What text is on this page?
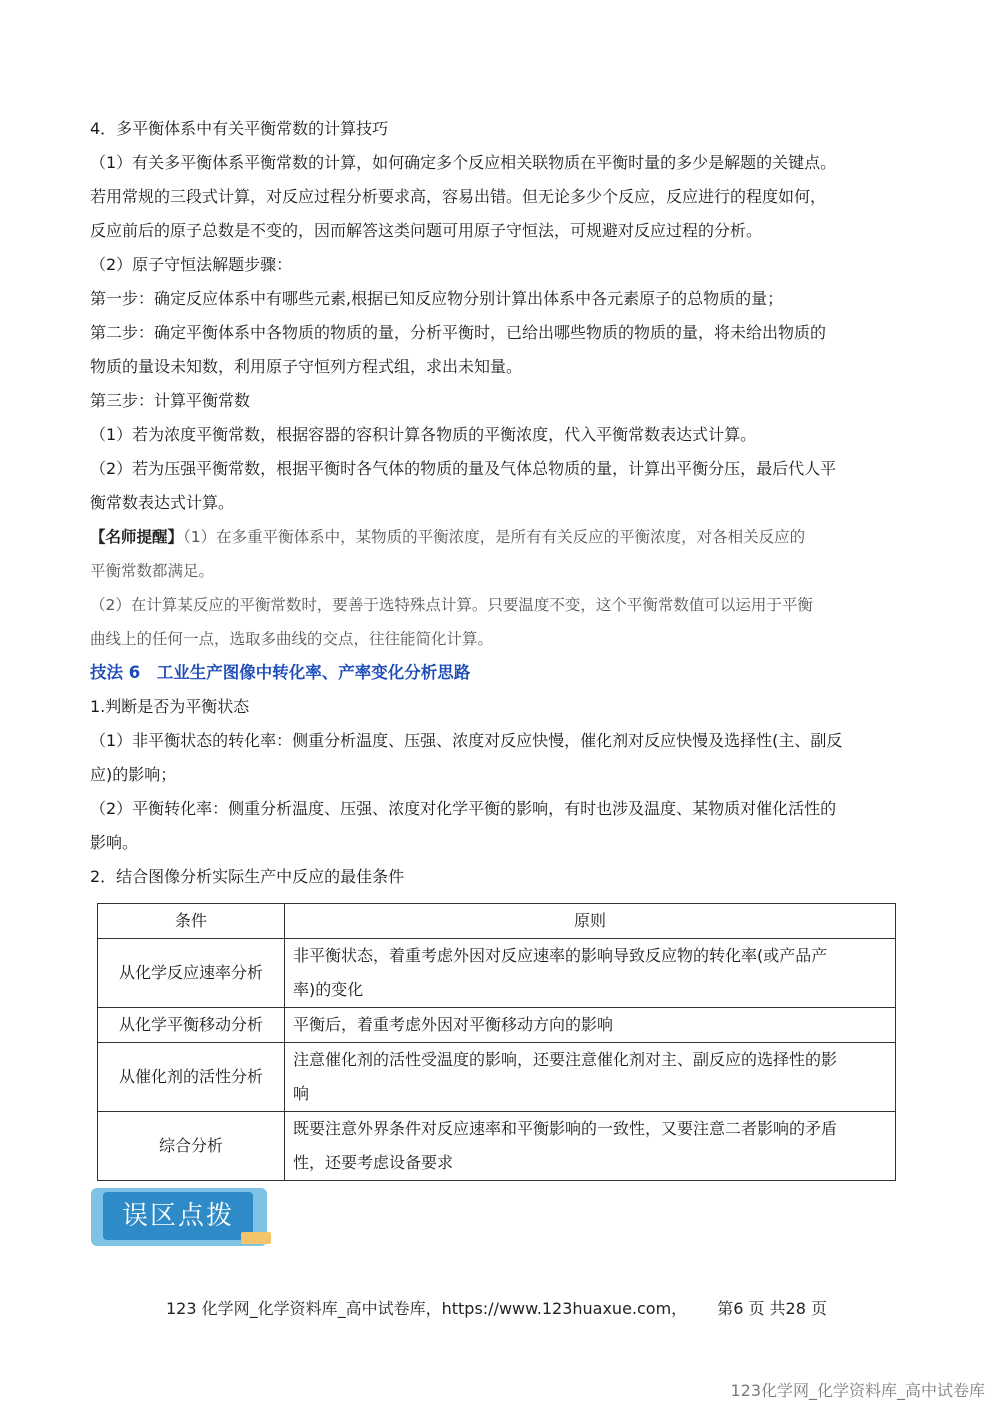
4．多平衡体系中有关平衡常数的计算技巧

（1）有关多平衡体系平衡常数的计算，如何确定多个反应相关联物质在平衡时量的多少是解题的关键点。

若用常规的三段式计算，对反应过程分析要求高，容易出错。但无论多少个反应，反应进行的程度如何，

反应前后的原子总数是不变的，因而解答这类问题可用原子守恒法，可规避对反应过程的分析。

（2）原子守恒法解题步骤：

第一步：确定反应体系中有哪些元素,根据已知反应物分别计算出体系中各元素原子的总物质的量；

第二步：确定平衡体系中各物质的物质的量，分析平衡时，已给出哪些物质的物质的量，将未给出物质的

物质的量设未知数，利用原子守恒列方程式组，求出未知量。

第三步：计算平衡常数

（1）若为浓度平衡常数，根据容器的容积计算各物质的平衡浓度，代入平衡常数表达式计算。

（2）若为压强平衡常数，根据平衡时各气体的物质的量及气体总物质的量，计算出平衡分压，最后代人平

衡常数表达式计算。

【名师提醒】（1）在多重平衡体系中，某物质的平衡浓度，是所有有关反应的平衡浓度，对各相关反应的

平衡常数都满足。

（2）在计算某反应的平衡常数时，要善于选特殊点计算。只要温度不变，这个平衡常数值可以运用于平衡

曲线上的任何一点，选取多曲线的交点，往往能简化计算。

技法 6　工业生产图像中转化率、产率变化分析思路

1.判断是否为平衡状态

（1）非平衡状态的转化率：侧重分析温度、压强、浓度对反应快慢，催化剂对反应快慢及选择性(主、副反

应)的影响；

（2）平衡转化率：侧重分析温度、压强、浓度对化学平衡的影响，有时也涉及温度、某物质对催化活性的

影响。

2．结合图像分析实际生产中反应的最佳条件

条件	原则
从化学反应速率分析	非平衡状态，着重考虑外因对反应速率的影响导致反应物的转化率(或产品产
率)的变化

从化学平衡移动分析	平衡后，着重考虑外因对平衡移动方向的影响

从催化剂的活性分析	注意催化剂的活性受温度的影响，还要注意催化剂对主、副反应的选择性的影
响

综合分析	既要注意外界条件对反应速率和平衡影响的一致性，又要注意二者影响的矛盾
性，还要考虑设备要求
误区点拨
123 化学网_化学资料库_高中试卷库，https://www.123huaxue.com， 第6 页 共28 页
123化学网_化学资料库_高中试卷库
